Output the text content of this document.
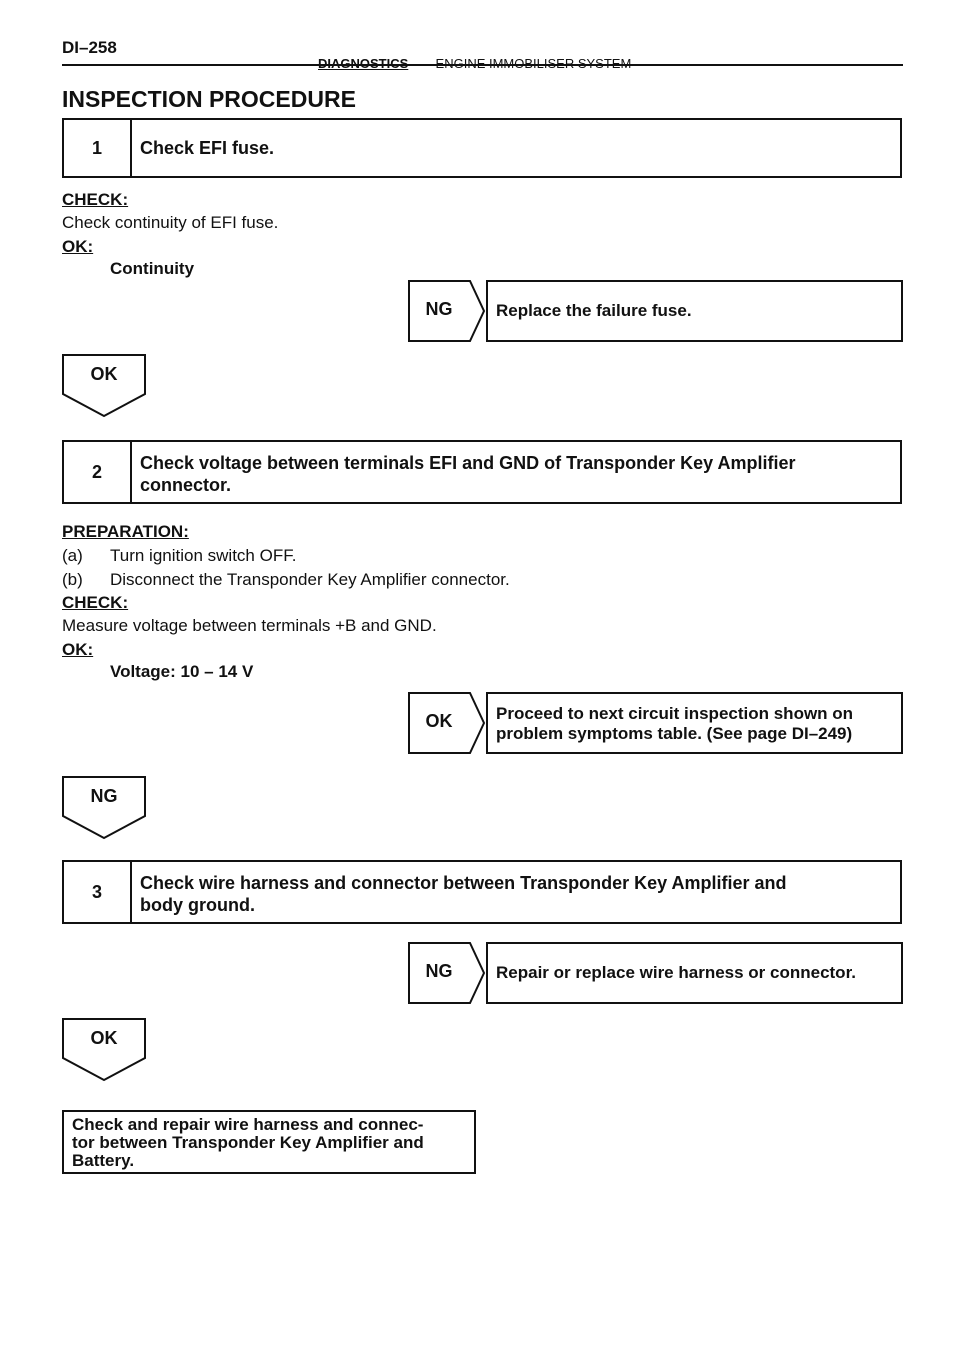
DI–258
DIAGNOSTICS – ENGINE IMMOBILISER SYSTEM
INSPECTION PROCEDURE
1	Check EFI fuse.
CHECK:
Check continuity of EFI fuse.
OK:
Continuity
NG	Replace the failure fuse.
OK
2	Check voltage between terminals EFI and GND of Transponder Key Amplifier
connector.
PREPARATION:
(a) Turn ignition switch OFF.
(b) Disconnect the Transponder Key Amplifier connector.
CHECK:
Measure voltage between terminals +B and GND.
OK:
Voltage: 10 – 14 V
OK	Proceed to next circuit inspection shown on
problem symptoms table. (See page DI–249)
NG
3	Check wire harness and connector between Transponder Key Amplifier and
body ground.
NG	Repair or replace wire harness or connector.
OK
Check and repair wire harness and connec-
tor between Transponder Key Amplifier and
Battery.
